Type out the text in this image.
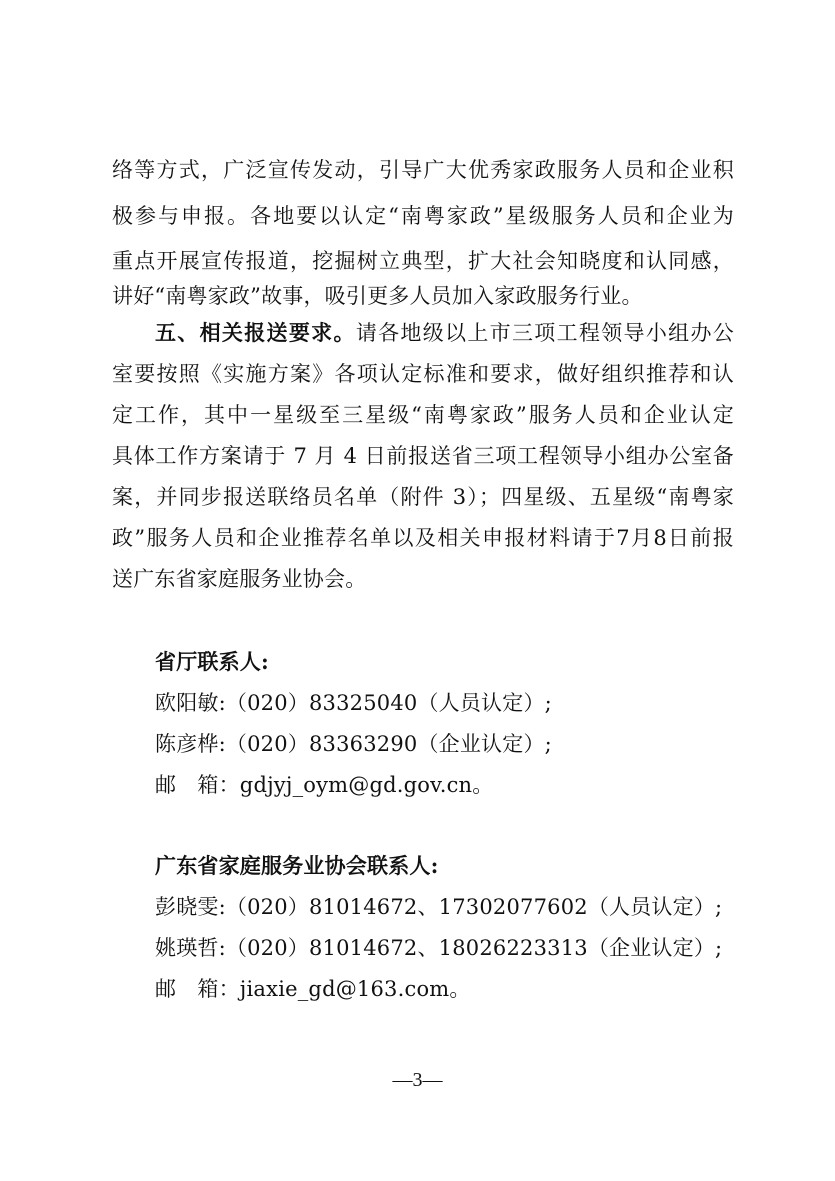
络等方式，广泛宣传发动，引导广大优秀家政服务人员和企业积
极参与申报。各地要以认定“南粤家政”星级服务人员和企业为
重点开展宣传报道，挖掘树立典型，扩大社会知晓度和认同感，
讲好“南粤家政”故事，吸引更多人员加入家政服务行业。
五、相关报送要求。请各地级以上市三项工程领导小组办公
室要按照《实施方案》各项认定标准和要求，做好组织推荐和认
定工作，其中一星级至三星级“南粤家政”服务人员和企业认定
具体工作方案请于 7 月 4 日前报送省三项工程领导小组办公室备
案，并同步报送联络员名单（附件 3）；四星级、五星级“南粤家
政”服务人员和企业推荐名单以及相关申报材料请于7月8日前报
送广东省家庭服务业协会。
省厅联系人:
欧阳敏:（020）83325040（人员认定）;
陈彦桦:（020）83363290（企业认定）;
邮　箱：gdjyj_oym@gd.gov.cn。
广东省家庭服务业协会联系人:
彭晓雯:（020）81014672、17302077602（人员认定）;
姚瑛哲:（020）81014672、18026223313（企业认定）;
邮　箱：jiaxie_gd@163.com。
—3—
